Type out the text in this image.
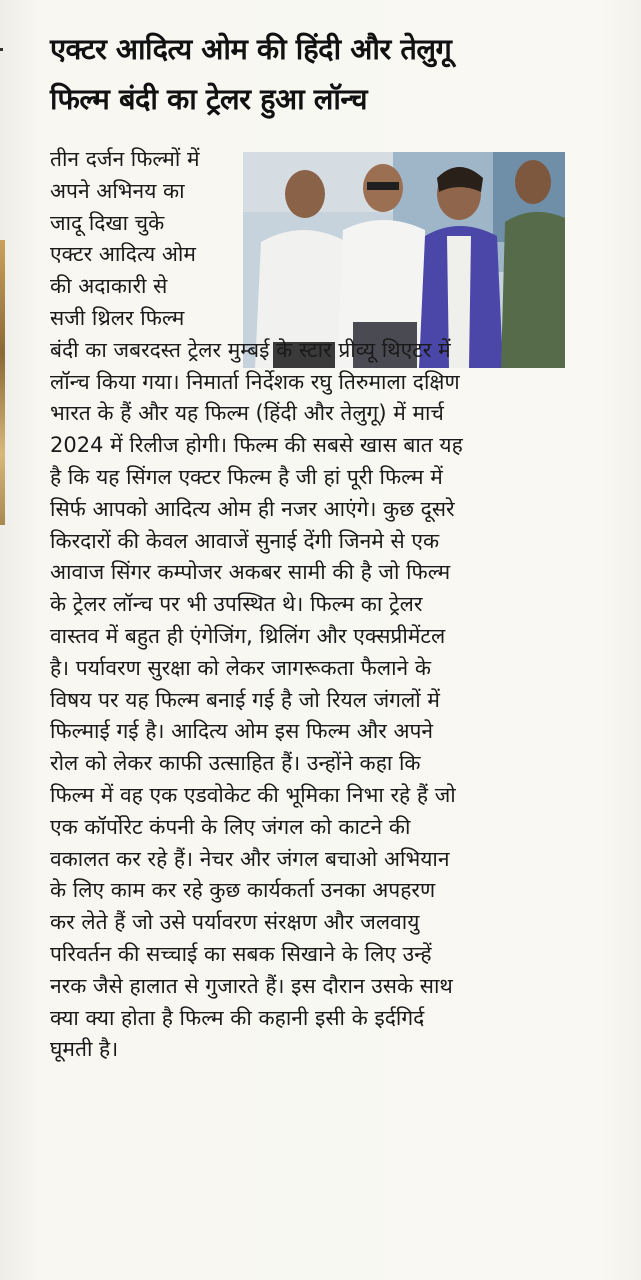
एक्टर आदित्य ओम की हिंदी और तेलुगू
फिल्म बंदी का ट्रेलर हुआ लॉन्च
तीन दर्जन फिल्मों में
अपने अभिनय का
जादू दिखा चुके
एक्टर आदित्य ओम
की अदाकारी से
सजी थ्रिलर फिल्म
बंदी का जबरदस्त ट्रेलर मुम्बई के स्टार प्रीव्यू थिएटर में
लॉन्च किया गया। निमार्ता निर्देशक रघु तिरुमाला दक्षिण
भारत के हैं और यह फिल्म (हिंदी और तेलुगू) में मार्च
2024 में रिलीज होगी। फिल्म की सबसे खास बात यह
है कि यह सिंगल एक्टर फिल्म है जी हां पूरी फिल्म में
सिर्फ आपको आदित्य ओम ही नजर आएंगे। कुछ दूसरे
किरदारों की केवल आवाजें सुनाई देंगी जिनमे से एक
आवाज सिंगर कम्पोजर अकबर सामी की है जो फिल्म
के ट्रेलर लॉन्च पर भी उपस्थित थे। फिल्म का ट्रेलर
वास्तव में बहुत ही एंगेजिंग, थ्रिलिंग और एक्सप्रीमेंटल
है। पर्यावरण सुरक्षा को लेकर जागरूकता फैलाने के
विषय पर यह फिल्म बनाई गई है जो रियल जंगलों में
फिल्माई गई है। आदित्य ओम इस फिल्म और अपने
रोल को लेकर काफी उत्साहित हैं। उन्होंने कहा कि
फिल्म में वह एक एडवोकेट की भूमिका निभा रहे हैं जो
एक कॉर्पोरेट कंपनी के लिए जंगल को काटने की
वकालत कर रहे हैं। नेचर और जंगल बचाओ अभियान
के लिए काम कर रहे कुछ कार्यकर्ता उनका अपहरण
कर लेते हैं जो उसे पर्यावरण संरक्षण और जलवायु
परिवर्तन की सच्चाई का सबक सिखाने के लिए उन्हें
नरक जैसे हालात से गुजारते हैं। इस दौरान उसके साथ
क्या क्या होता है फिल्म की कहानी इसी के इर्दगिर्द
घूमती है।
